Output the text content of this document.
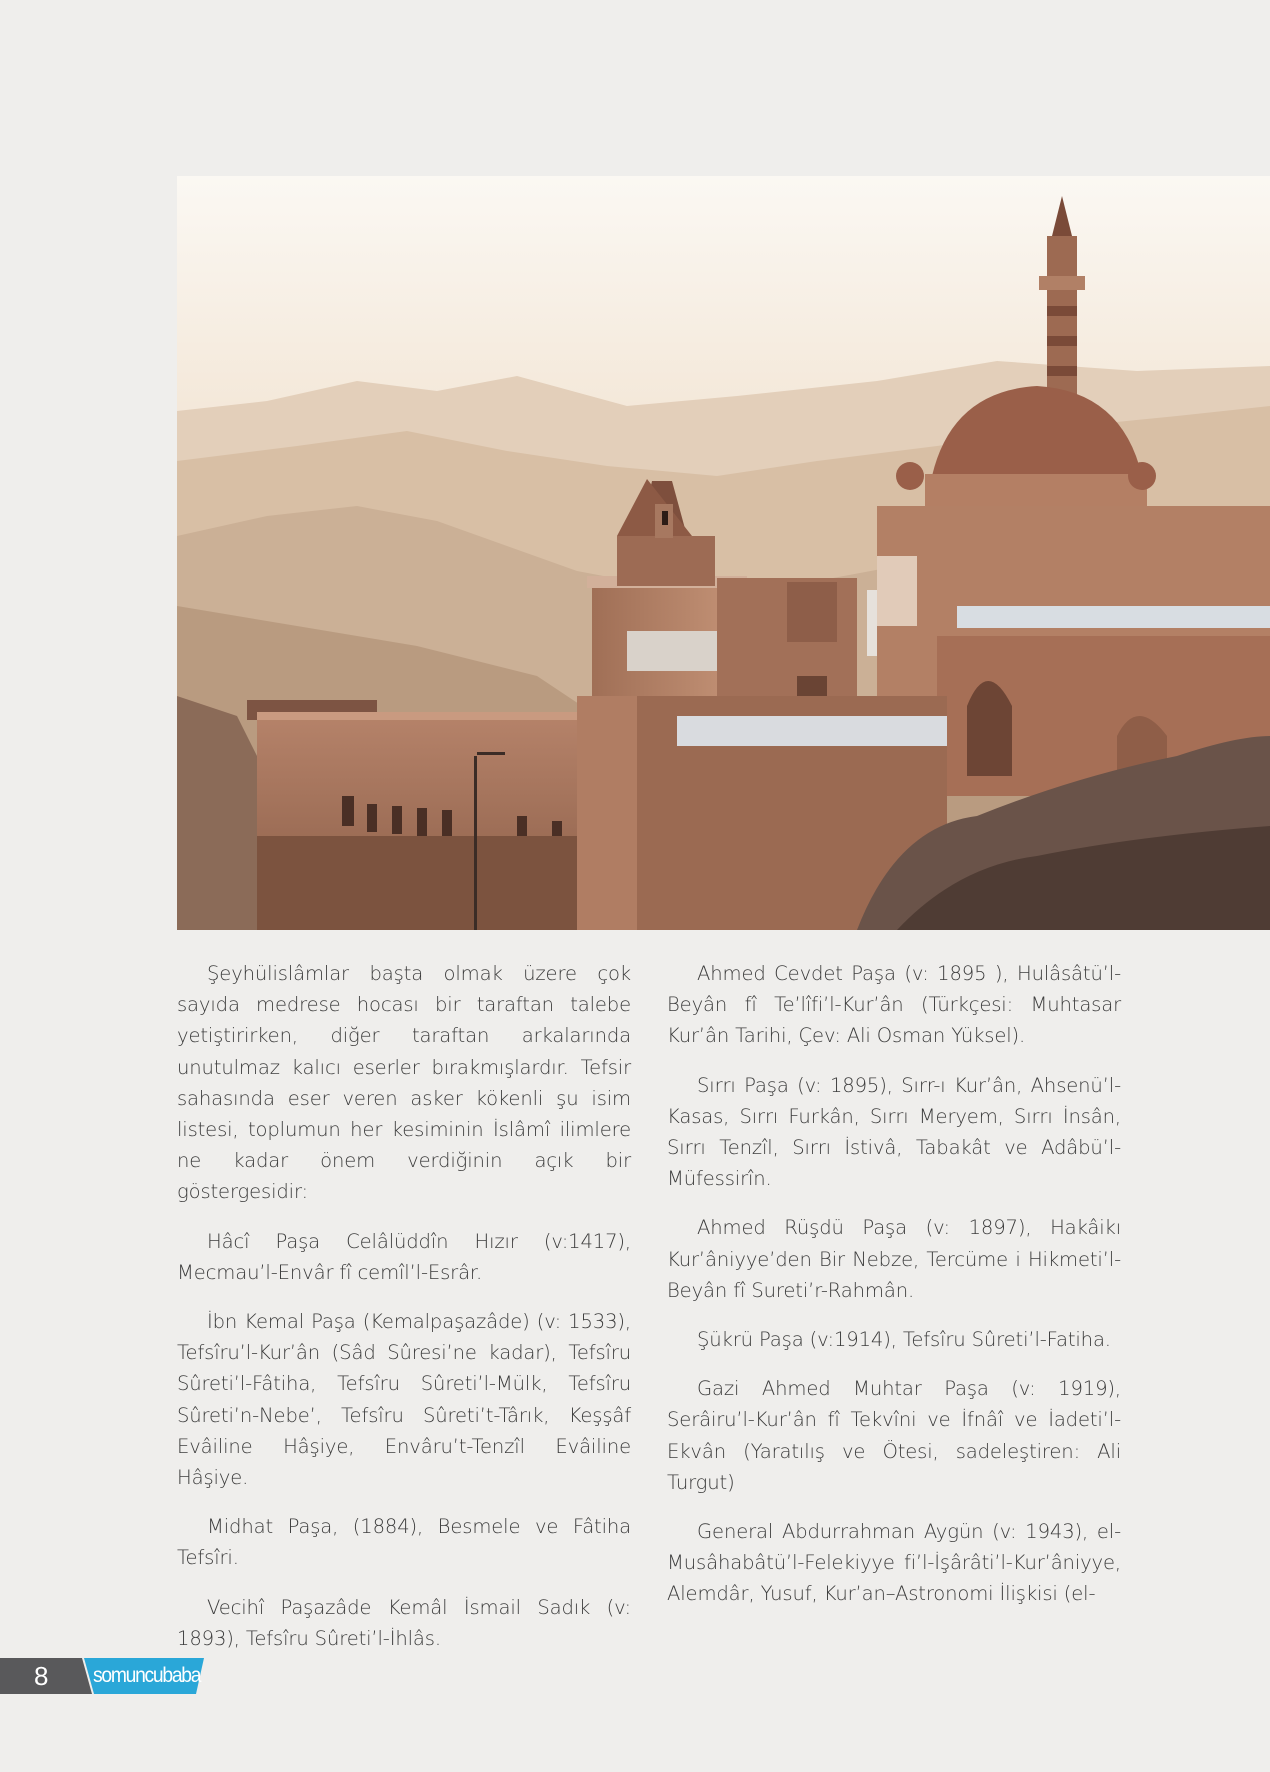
Şeyhülislâmlar başta olmak üzere çok sayıda medrese hocası bir taraftan talebe yetiştirirken, diğer taraftan arkalarında unutulmaz kalıcı eserler bırakmışlardır. Tefsir sahasında eser veren asker kökenli şu isim listesi, toplumun her kesiminin İslâmî ilimlere ne kadar önem verdiğinin açık bir göstergesidir:

Hâcî Paşa Celâlüddîn Hızır (v:1417), Mecmau’l-Envâr fî cemîl’l-Esrâr.

İbn Kemal Paşa (Kemalpaşazâde) (v: 1533), Tefsîru’l-Kur’ân (Sâd Sûresi’ne kadar), Tefsîru Sûreti’l-Fâtiha, Tefsîru Sûreti’l-Mülk, Tefsîru Sûreti’n-Nebe’, Tefsîru Sûreti’t-Târık, Keşşâf Evâiline Hâşiye, Envâru’t-Tenzîl Evâiline Hâşiye.

Midhat Paşa, (1884), Besmele ve Fâtiha Tefsîri.

Vecihî Paşazâde Kemâl İsmail Sadık (v: 1893), Tefsîru Sûreti’l-İhlâs.

Ahmed Cevdet Paşa (v: 1895 ), Hulâsâtü’l-Beyân fî Te’lîfi’l-Kur’ân (Türkçesi: Muhtasar Kur’ân Tarihi, Çev: Ali Osman Yüksel).

Sırrı Paşa (v: 1895), Sırr-ı Kur’ân, Ahsenü’l-Kasas, Sırrı Furkân, Sırrı Meryem, Sırrı İnsân, Sırrı Tenzîl, Sırrı İstivâ, Tabakât ve Adâbü’l-Müfessirîn.

Ahmed Rüşdü Paşa (v: 1897), Hakâikı Kur’âniyye’den Bir Nebze, Tercüme i Hikmeti’l-Beyân fî Sureti’r-Rahmân.

Şükrü Paşa (v:1914), Tefsîru Sûreti’l-Fatiha.

Gazi Ahmed Muhtar Paşa (v: 1919), Serâiru’l-Kur’ân fî Tekvîni ve İfnâî ve İadeti’l-Ekvân (Yaratılış ve Ötesi, sadeleştiren: Ali Turgut)

General Abdurrahman Aygün (v: 1943), el-Musâhabâtü’l-Felekiyye fi’l-İşârâti’l-Kur’âniyye, Alemdâr, Yusuf, Kur’an–Astronomi İlişkisi (el-

8 somuncubaba
